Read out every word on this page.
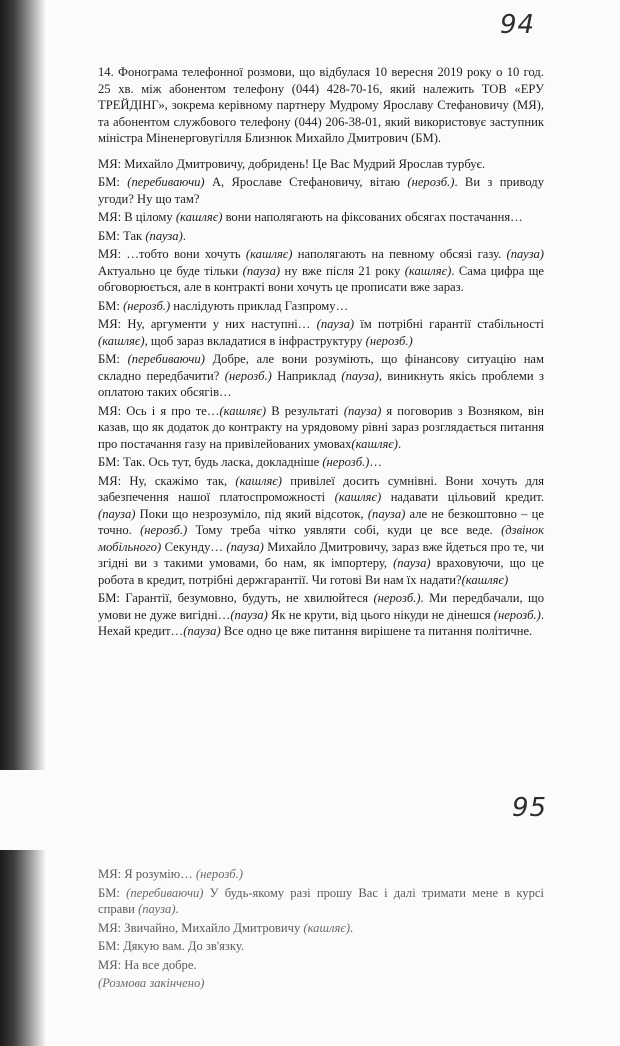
94
95

14. Фонограма телефонної розмови, що відбулася 10 вересня 2019 року о 10 год. 25 хв. між абонентом телефону (044) 428-70-16, який належить ТОВ «ЕРУ ТРЕЙДІНГ», зокрема керівному партнеру Мудрому Ярославу Стефановичу (МЯ), та абонентом службового телефону (044) 206-38-01, який використовує заступник міністра Міненерговугілля Близнюк Михайло Дмитрович (БМ).

МЯ: Михайло Дмитровичу, добридень! Це Вас Мудрий Ярослав турбує.

БМ: (перебиваючи) А, Ярославе Стефановичу, вітаю (нерозб.). Ви з приводу угоди? Ну що там?

МЯ: В цілому (кашляє) вони наполягають на фіксованих обсягах постачання…

БМ: Так (пауза).

МЯ: …тобто вони хочуть (кашляє) наполягають на певному обсязі газу. (пауза) Актуально це буде тільки (пауза) ну вже після 21 року (кашляє). Сама цифра ще обговорюється, але в контракті вони хочуть це прописати вже зараз.

БМ: (нерозб.) наслідують приклад Газпрому…

МЯ: Ну, аргументи у них наступні… (пауза) їм потрібні гарантії стабільності (кашляє), щоб зараз вкладатися в інфраструктуру (нерозб.)

БМ: (перебиваючи) Добре, але вони розуміють, що фінансову ситуацію нам складно передбачити? (нерозб.) Наприклад (пауза), виникнуть якісь проблеми з оплатою таких обсягів…

МЯ: Ось і я про те…(кашляє) В результаті (пауза) я поговорив з Возняком, він казав, що як додаток до контракту на урядовому рівні зараз розглядається питання про постачання газу на привілейованих умовах(кашляє).

БМ: Так. Ось тут, будь ласка, докладніше (нерозб.)…

МЯ: Ну, скажімо так, (кашляє) привілеї досить сумнівні. Вони хочуть для забезпечення нашої платоспроможності (кашляє) надавати цільовий кредит. (пауза) Поки що незрозуміло, під який відсоток, (пауза) але не безкоштовно – це точно. (нерозб.) Тому треба чітко уявляти собі, куди це все веде. (дзвінок мобільного) Секунду… (пауза) Михайло Дмитровичу, зараз вже йдеться про те, чи згідні ви з такими умовами, бо нам, як імпортеру, (пауза) враховуючи, що це робота в кредит, потрібні держгарантії. Чи готові Ви нам їх надати?(кашляє)

БМ: Гарантії, безумовно, будуть, не хвилюйтеся (нерозб.). Ми передбачали, що умови не дуже вигідні…(пауза) Як не крути, від цього нікуди не дінешся (нерозб.). Нехай кредит…(пауза) Все одно це вже питання вирішене та питання політичне.

МЯ: Я розумію… (нерозб.)

БМ: (перебиваючи) У будь-якому разі прошу Вас і далі тримати мене в курсі справи (пауза).

МЯ: Звичайно, Михайло Дмитровичу (кашляє).

БМ: Дякую вам. До зв'язку.

МЯ: На все добре.

(Розмова закінчено)
